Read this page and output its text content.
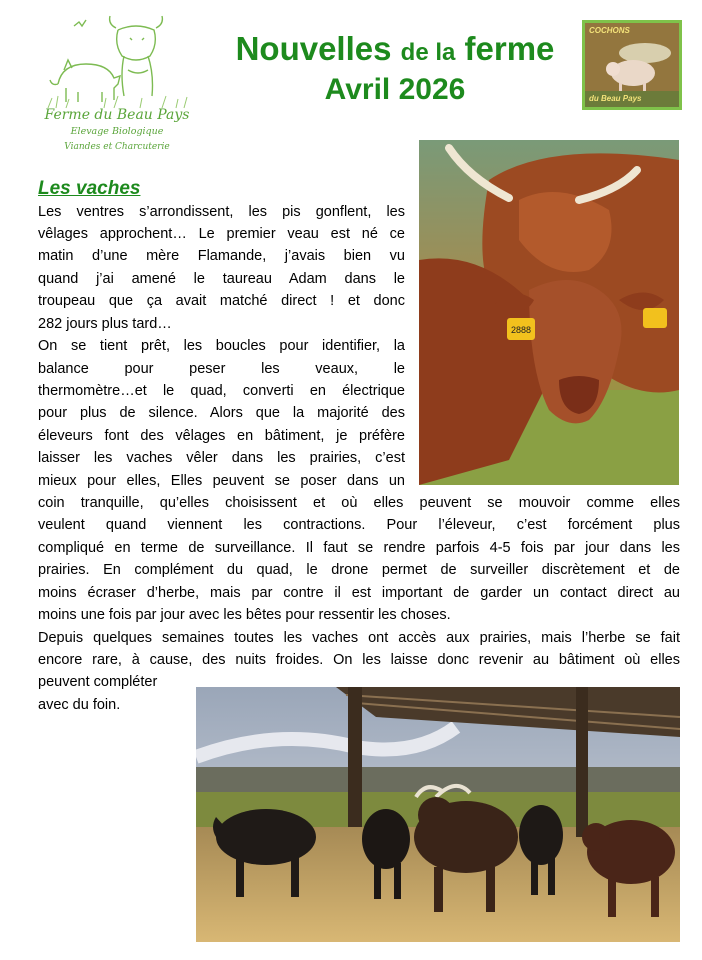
Ferme du Beau Pays
Elevage Biologique
Viandes et Charcuterie
Nouvelles de la ferme
Avril 2026
COCHONS
du Beau Pays
2888
Les vaches
Les ventres s’arrondissent, les pis gonflent, les
vêlages approchent… Le premier veau est né ce
matin d’une mère Flamande, j’avais bien vu
quand j’ai amené le taureau Adam dans le
troupeau que ça avait matché direct ! et donc
282 jours plus tard…
On se tient prêt, les boucles pour identifier, la
balance pour peser les veaux, le
thermomètre…et le quad, converti en électrique
pour plus de silence. Alors que la majorité des
éleveurs font des vêlages en bâtiment, je préfère
laisser les vaches vêler dans les prairies, c’est
mieux pour elles, Elles peuvent se poser dans un
coin tranquille, qu’elles choisissent et où elles peuvent se mouvoir comme elles
veulent quand viennent les contractions. Pour l’éleveur, c’est forcément plus
compliqué en terme de surveillance. Il faut se rendre parfois 4-5 fois par jour dans les
prairies. En complément du quad, le drone permet de surveiller discrètement et de
moins écraser d’herbe, mais par contre il est important de garder un contact direct au
moins une fois par jour avec les bêtes pour ressentir les choses.
Depuis quelques semaines toutes les vaches ont accès aux prairies, mais l’herbe se fait
encore rare, à cause, des nuits froides. On les laisse donc revenir au bâtiment où elles
peuvent compléter
avec du foin.
